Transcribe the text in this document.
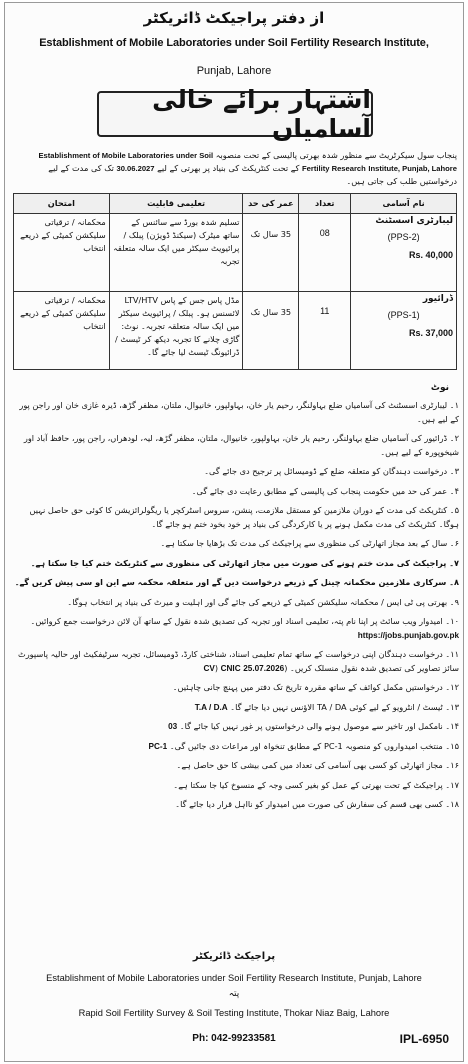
از دفتر پراجیکٹ ڈائریکٹر
Establishment of Mobile Laboratories under Soil Fertility Research Institute,
Punjab, Lahore
اشتہار برائے خالی آسامیاں
پنجاب سول سیکرٹریٹ سے منظور شدہ بھرتی پالیسی کے تحت منصوبہ Establishment of Mobile Laboratories under Soil Fertility Research Institute, Punjab, Lahore کے تحت کنٹریکٹ کی بنیاد پر بھرتی کے لیے 30.06.2027 تک کی مدت کے لیے درخواستیں طلب کی جاتی ہیں۔
امتحان	تعلیمی قابلیت	عمر کی حد	تعداد	نام آسامی
محکمانہ / ترقیاتی سلیکشن کمیٹی کے ذریعے انتخاب	تسلیم شدہ بورڈ سے سائنس کے ساتھ میٹرک (سیکنڈ ڈویژن) پبلک / پرائیویٹ سیکٹر میں ایک سالہ متعلقہ تجربہ	35 سال تک	08	لیبارٹری اسسٹنٹ
(PPS-2)
Rs. 40,000

محکمانہ / ترقیاتی سلیکشن کمیٹی کے ذریعے انتخاب	مڈل پاس جس کے پاس LTV/HTV لائسنس ہو۔ پبلک / پرائیویٹ سیکٹر میں ایک سالہ متعلقہ تجربہ۔ نوٹ: گاڑی چلانے کا تجربہ دیکھ کر ٹیسٹ / ڈرائیونگ ٹیسٹ لیا جائے گا۔	35 سال تک	11	ڈرائیور
(PPS-1)
Rs. 37,000
نوٹ
۱۔ لیبارٹری اسسٹنٹ کی آسامیاں ضلع بہاولنگر، رحیم یار خان، بہاولپور، خانیوال، ملتان، مظفر گڑھ، ڈیرہ غازی خان اور راجن پور کے لیے ہیں۔
۲۔ ڈرائیور کی آسامیاں ضلع بہاولنگر، رحیم یار خان، بہاولپور، خانیوال، ملتان، مظفر گڑھ، لیہ، لودھراں، راجن پور، حافظ آباد اور شیخوپورہ کے لیے ہیں۔
۳۔ درخواست دہندگان کو متعلقہ ضلع کے ڈومیسائل پر ترجیح دی جائے گی۔
۴۔ عمر کی حد میں حکومت پنجاب کی پالیسی کے مطابق رعایت دی جائے گی۔
۵۔ کنٹریکٹ کی مدت کے دوران ملازمین کو مستقل ملازمت، پنشن، سروس اسٹرکچر یا ریگولرائزیشن کا کوئی حق حاصل نہیں ہوگا۔ کنٹریکٹ کی مدت مکمل ہونے پر یا کارکردگی کی بنیاد پر خود بخود ختم ہو جائے گا۔
۶۔ سال کے بعد مجاز اتھارٹی کی منظوری سے پراجیکٹ کی مدت تک بڑھایا جا سکتا ہے۔
۷۔ پراجیکٹ کی مدت ختم ہونے کی صورت میں مجاز اتھارٹی کی منظوری سے کنٹریکٹ ختم کیا جا سکتا ہے۔
۸۔ سرکاری ملازمین محکمانہ چینل کے ذریعے درخواست دیں گے اور متعلقہ محکمہ سے این او سی پیش کریں گے۔
۹۔ بھرتی پی ٹی ایس / محکمانہ سلیکشن کمیٹی کے ذریعے کی جائے گی اور اہلیت و میرٹ کی بنیاد پر انتخاب ہوگا۔
۱۰۔ امیدوار ویب سائٹ پر اپنا نام پتہ، تعلیمی اسناد اور تجربہ کی تصدیق شدہ نقول کے ساتھ آن لائن درخواست جمع کروائیں۔ https://jobs.punjab.gov.pk
۱۱۔ درخواست دہندگان اپنی درخواست کے ساتھ تمام تعلیمی اسناد، شناختی کارڈ، ڈومیسائل، تجربہ سرٹیفکیٹ اور حالیہ پاسپورٹ سائز تصاویر کی تصدیق شدہ نقول منسلک کریں۔ (CV) CNIC 25.07.2026
۱۲۔ درخواستیں مکمل کوائف کے ساتھ مقررہ تاریخ تک دفتر میں پہنچ جانی چاہئیں۔
۱۳۔ ٹیسٹ / انٹرویو کے لیے کوئی TA / DA الاؤنس نہیں دیا جائے گا۔ T.A / D.A
۱۴۔ نامکمل اور تاخیر سے موصول ہونے والی درخواستوں پر غور نہیں کیا جائے گا۔ 03
۱۵۔ منتخب امیدواروں کو منصوبہ PC-1 کے مطابق تنخواہ اور مراعات دی جائیں گی۔ PC-1
۱۶۔ مجاز اتھارٹی کو کسی بھی آسامی کی تعداد میں کمی بیشی کا حق حاصل ہے۔
۱۷۔ پراجیکٹ کے تحت بھرتی کے عمل کو بغیر کسی وجہ کے منسوخ کیا جا سکتا ہے۔
۱۸۔ کسی بھی قسم کی سفارش کی صورت میں امیدوار کو نااہل قرار دیا جائے گا۔
پراجیکٹ ڈائریکٹر
Establishment of Mobile Laboratories under Soil Fertility Research Institute, Punjab, Lahore
پتہ
Rapid Soil Fertility Survey & Soil Testing Institute, Thokar Niaz Baig, Lahore
Ph: 042-99233581	IPL-6950
